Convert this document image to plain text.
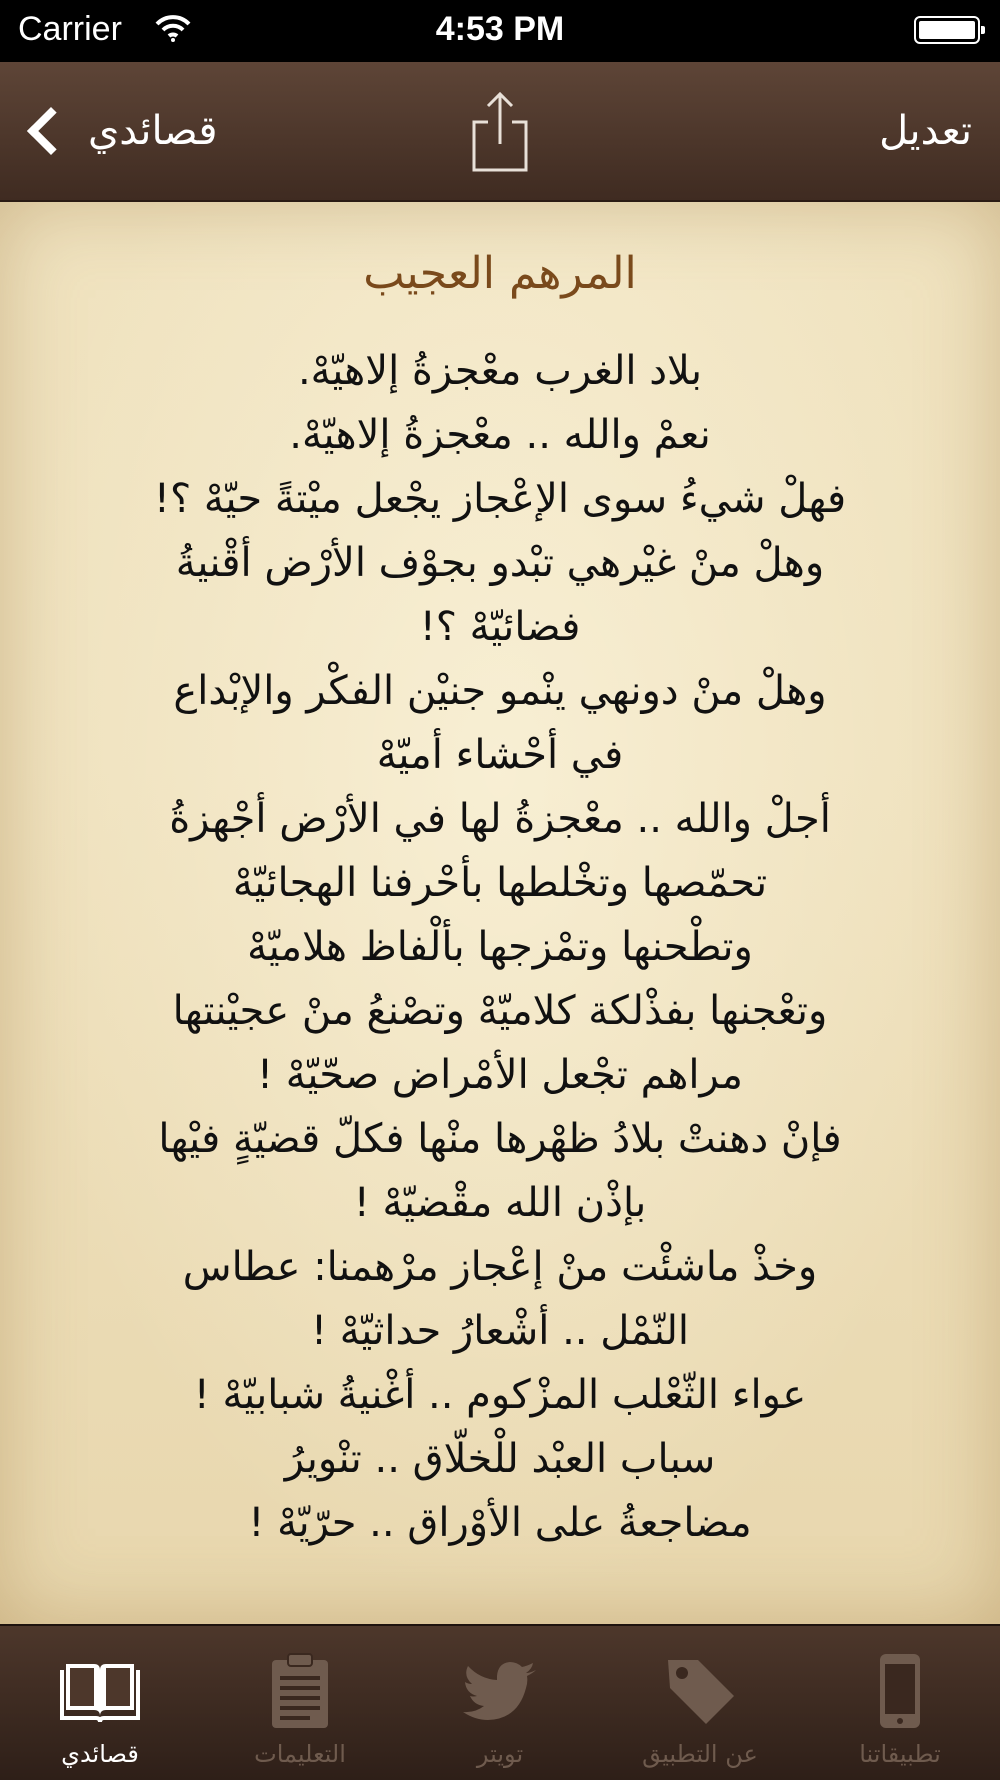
Carrier	4:53 PM
قصائدي	تعديل
المرهم العجيب
بلاد الغرب معْجزةُ إلاهيّهْ.
نعمْ والله .. معْجزةُ إلاهيّهْ.
فهلْ شيءُ سوى الإعْجاز يجْعل ميْتةً حيّهْ ؟!
وهلْ منْ غيْرهي تبْدو بجوْف الأرْض أقْنيةُ
فضائيّهْ ؟!
وهلْ منْ دونهي ينْمو جنيْن الفكْر والإبْداع
في أحْشاء أميّهْ
أجلْ والله .. معْجزةُ لها في الأرْض أجْهزةُ
تحمّصها وتخْلطها بأحْرفنا الهجائيّهْ
وتطْحنها وتمْزجها بألْفاظ هلاميّهْ
وتعْجنها بفذْلكة كلاميّهْ وتصْنعُ منْ عجيْنتها
مراهم تجْعل الأمْراض صحّيّهْ !
فإنْ دهنتْ بلادُ ظهْرها منْها فكلّ قضيّةٍ فيْها
بإذْن الله مقْضيّهْ !
وخذْ ماشئْت منْ إعْجاز مرْهمنا: عطاس
النّمْل .. أشْعارُ حداثيّهْ !
عواء الثّعْلب المزْكوم .. أغْنيةُ شبابيّهْ !
سباب العبْد للْخلّاق .. تنْويرُ
مضاجعةُ على الأوْراق .. حرّيّهْ !
قصائدي	التعليمات	تويتر	عن التطبيق	تطبيقاتنا
